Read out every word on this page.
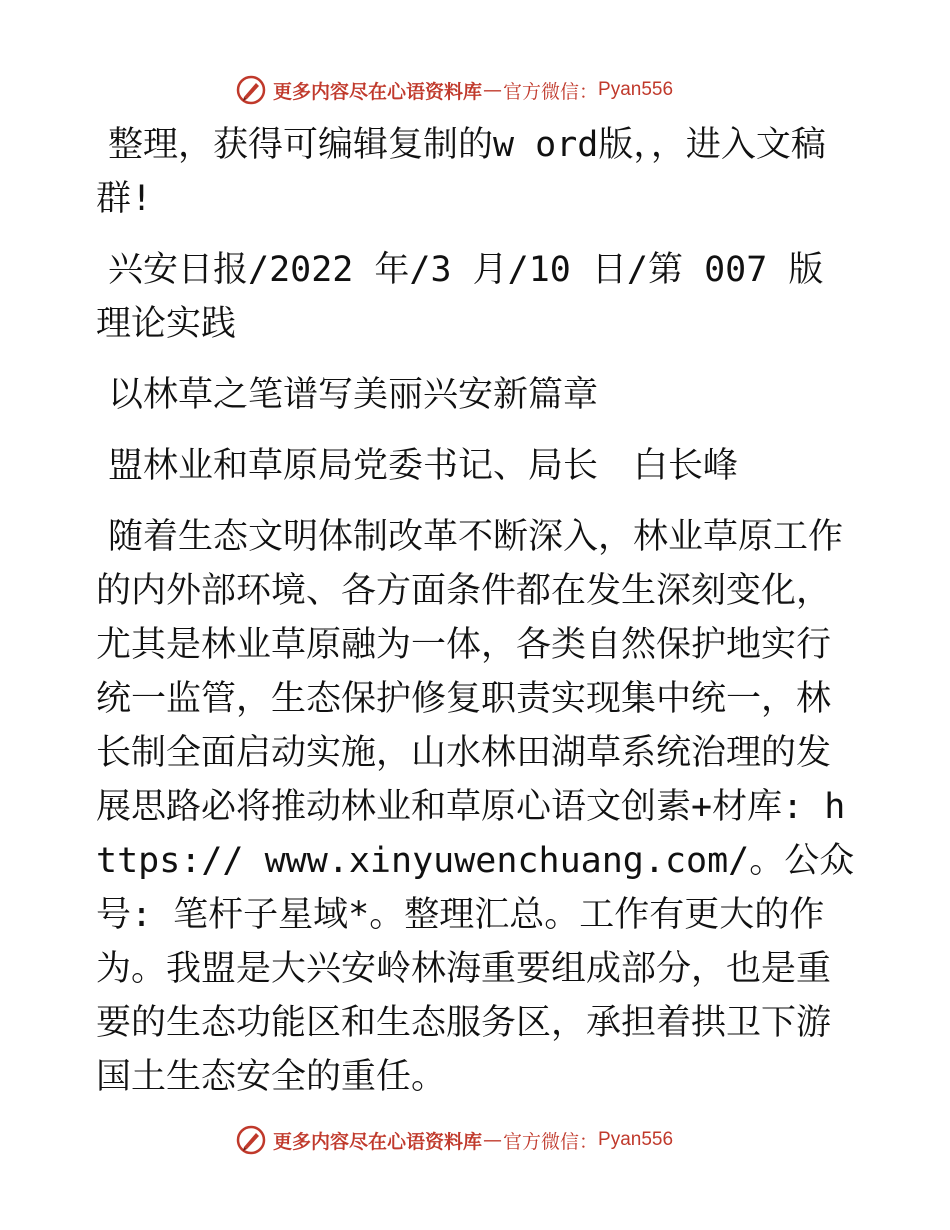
更多内容尽在心语资料库 — 官方微信： Pyan556

整理，获得可编辑复制的w ord版，，进入文稿群!

兴安日报/2022 年/3 月/10 日/第 007 版理论实践

以林草之笔谱写美丽兴安新篇章

盟林业和草原局党委书记、局长　白长峰

随着生态文明体制改革不断深入，林业草原工作的内外部环境、各方面条件都在发生深刻变化，尤其是林业草原融为一体，各类自然保护地实行统一监管，生态保护修复职责实现集中统一，林长制全面启动实施，山水林田湖草系统治理的发展思路必将推动林业和草原心语文创素+材库: https:// www.xinyuwenchuang.com/。公众号: 笔杆子星域*。整理汇总。工作有更大的作为。我盟是大兴安岭林海重要组成部分，也是重要的生态功能区和生态服务区，承担着拱卫下游国土生态安全的重任。

更多内容尽在心语资料库 — 官方微信： Pyan556
